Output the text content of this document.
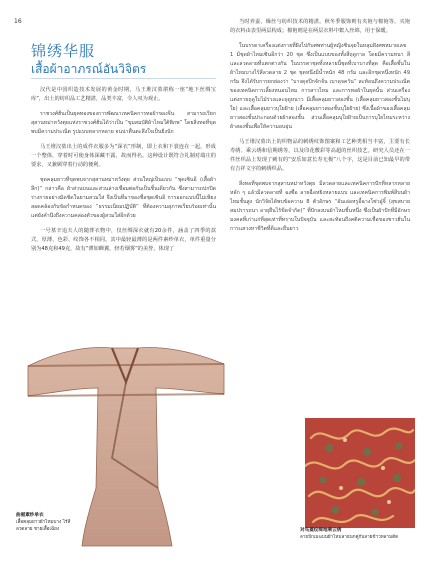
16
锦绣华服
เสื้อผ้าอาภรณ์อันวิจิตร

汉代是中国织造技术发展的黄金时期，马王堆汉墓堪称一座“地下丝绸宝库”，出土的纺织品工艺精湛，品类丰富，令人叹为观止。

ราชวงศ์ฮั่นเป็นยุคทองของการพัฒนาเทคนิคการทอผ้าของจีน สามารถเรียกสุสานหม่าหวังตุยแห่งราชวงศ์ฮั่นได้ว่าเป็น “ขุมสมบัติผ้าไหมใต้พิภพ” โดยสิ่งทอที่ขุดพบมีความประณีต รูปแบบหลากหลาย จนน่าตื่นตะลึงใจเป็นยิ่งนัก

马王堆汉墓出土的成件衣服多为“深衣”形制，即上衣和下裳连在一起，形成一个整体，穿着时可使身体深藏不露，故而得名。这种设计既符合礼制对端庄的要求，又兼顾穿着行动的便利。

ชุดคลุมยาวที่ขุดพบจากสุสานหม่าหวังตุย ส่วนใหญ่เป็นแบบ “ชุดเซินอี (เสื้อผ้าลึก)” กล่าวคือ ผ้าส่วนบนและส่วนล่างเชื่อมต่อกันเป็นชิ้นเดียวกัน ซึ่งสามารถปกปิดร่างกายอย่างมิดชิดในยามสวมใส่ จึงเป็นที่มาของชื่อชุดเซินอี การออกแบบนี้ไม่เพียงสอดคล้องกับข้อกำหนดของ “ธรรมเนียมปฏิบัติ” ที่ต้องความสุภาพเรียบร้อยเท่านั้น แต่ยังคำนึงถึงความคล่องตัวของผู้สวมใส่อีกด้วย

一号墓辛追夫人的随葬衣物中，仅丝绸深衣就有20余件，涵盖了四季的款式，厚薄、色彩、纹饰各不相同。其中最轻最薄的是两件素纱单衣，单件重量分别为48克和49克，故有“薄如蝉翼，轻若烟雾”的美誉，体现了

当时养蚕、缫丝与纺织技术的精湛。秋冬季服饰则有夹袍与棉袍等，夹袍的衣料由表里两层构成；棉袍则是在两层衣料中絮入丝绵，用于保暖。

ในบรรดาเครื่องแต่งกายที่ฝังไปกับศพท่านผู้หญิงซินจุยในหลุมฝังศพหมายเลข 1 มีชุดผ้าไหมเซินอีกว่า 20 ชุด ซึ่งเป็นแบบของทั้งสี่ฤดูกาล โดยมีความหนา สี และลวดลายที่แตกต่างกัน ในบรรดาชุดทั้งหลายนี้ชุดที่เบาบางที่สุด คือเสื้อชั้นในผ้าไหมบางไร้สีลวดลาย 2 ชุด ชุดหนึ่งมีน้ำหนัก 48 กรัม และอีกชุดหนึ่งหนัก 49 กรัม จึงได้รับการยกย่องว่า “บางดุจปีกจักจั่น เบาดุจควัน” สะท้อนถึงความประณีตของเทคนิคการเลี้ยงหนอนไหม การสาวไหม และการทอผ้าในยุคนั้น ส่วนเครื่องแต่งกายฤดูใบไม้ร่วงและฤดูหนาว มีเสื้อคลุมยาวสองชั้น (เสื้อคลุมยาวสองชั้นไม่บุใย) และเสื้อคลุมยาวบุใยฝ้าย (เสื้อคลุมยาวสองชั้นบุใยฝ้าย) ซึ่งเนื้อผ้าของเสื้อคลุมยาวสองชั้นประกอบด้วยผ้าสองชั้น ส่วนเสื้อคลุมบุใยฝ้ายเป็นการบุใยไหมระหว่างผ้าสองชั้นเพื่อให้ความอบอุ่น

马王堆汉墓出土的织物品的刺绣纹饰图案和工艺种类相当丰富，主要有长寿绣、乘云绣和信期绣等，以及印花敷彩等高超的丝织技艺。研究人员还在一件丝织品上发现了刺有的“安乐如意长寿无极”八个字，这是目前已知最早的带有吉祥文字的刺绣织品。

สิ่งทอที่ขุดพบจากสุสานหม่าหวังตุย มีลวดลายและเทคนิคการปักที่หลากหลาย หลัก ๆ แล้วมีลวดลายที่ ฉงซื่อ ลายฉื่อหยิงหลายแบบ และเทคนิคการพิมพ์สีบนผ้าไหมชั้นสูง นักวิจัยได้พบข้อความ 8 ตัวอักษร “อันเล่อหรูอี้ฉางโซ่วอู๋จี๋ (สุขสบายสมปรารถนา อายุยืนไร้ขีดจำกัด)” ที่ปักลงบนผ้าไหมชิ้นหนึ่ง ซึ่งเป็นผ้าปักที่มีอักษรมงคลที่เก่าแก่ที่สุดเท่าที่ทราบในปัจจุบัน และสะท้อนถึงคติความเชื่อของชาวฮั่นในการแสวงหาชีวิตที่ดีและยืนยาว

曲裾素纱单衣
เสื้อคลุมยาวผ้าไหมบาง ไร้สีลวดลาย ชายเสื้อเฉียง	对鸟菱纹绮地乘云绣
ลายปักเมฆบนผ้าไหมลายนกคู่กับลายข้าวหลามตัด
